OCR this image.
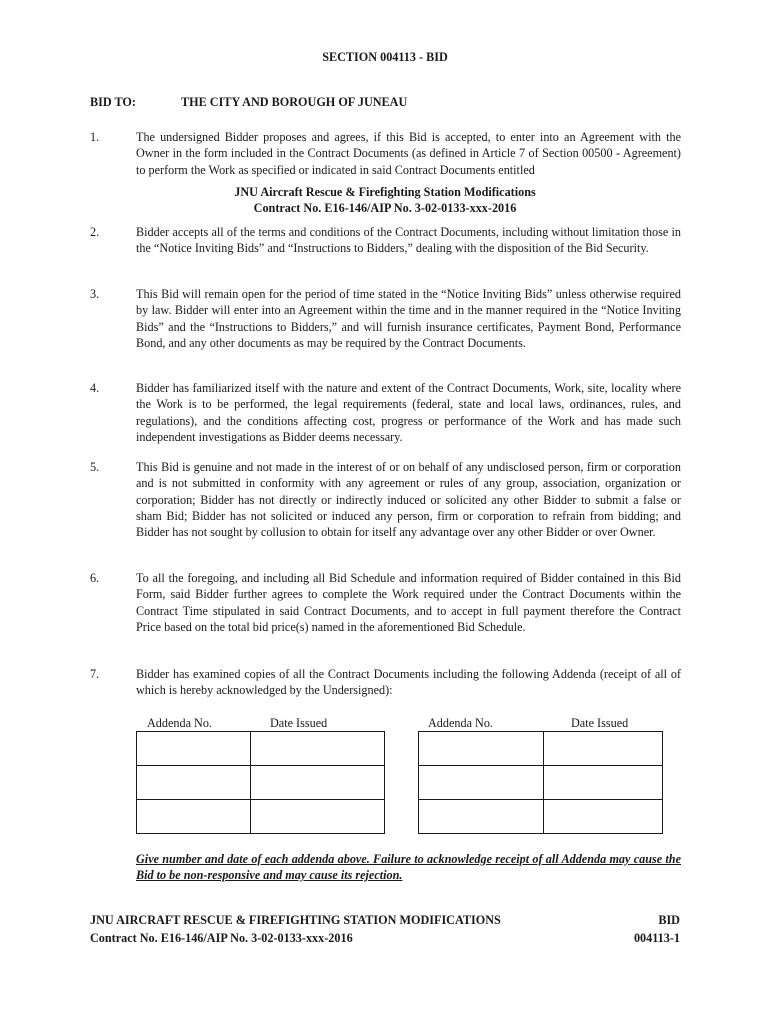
SECTION 004113 - BID
BID TO:	THE CITY AND BOROUGH OF JUNEAU
1.	The undersigned Bidder proposes and agrees, if this Bid is accepted, to enter into an Agreement with the Owner in the form included in the Contract Documents (as defined in Article 7 of Section 00500 - Agreement) to perform the Work as specified or indicated in said Contract Documents entitled
JNU Aircraft Rescue & Firefighting Station Modifications
Contract No. E16-146/AIP No. 3-02-0133-xxx-2016
2.	Bidder accepts all of the terms and conditions of the Contract Documents, including without limitation those in the “Notice Inviting Bids” and “Instructions to Bidders,” dealing with the disposition of the Bid Security.
3.	This Bid will remain open for the period of time stated in the “Notice Inviting Bids” unless otherwise required by law. Bidder will enter into an Agreement within the time and in the manner required in the “Notice Inviting Bids” and the “Instructions to Bidders,” and will furnish insurance certificates, Payment Bond, Performance Bond, and any other documents as may be required by the Contract Documents.
4.	Bidder has familiarized itself with the nature and extent of the Contract Documents, Work, site, locality where the Work is to be performed, the legal requirements (federal, state and local laws, ordinances, rules, and regulations), and the conditions affecting cost, progress or performance of the Work and has made such independent investigations as Bidder deems necessary.
5.	This Bid is genuine and not made in the interest of or on behalf of any undisclosed person, firm or corporation and is not submitted in conformity with any agreement or rules of any group, association, organization or corporation; Bidder has not directly or indirectly induced or solicited any other Bidder to submit a false or sham Bid; Bidder has not solicited or induced any person, firm or corporation to refrain from bidding; and Bidder has not sought by collusion to obtain for itself any advantage over any other Bidder or over Owner.
6.	To all the foregoing, and including all Bid Schedule and information required of Bidder contained in this Bid Form, said Bidder further agrees to complete the Work required under the Contract Documents within the Contract Time stipulated in said Contract Documents, and to accept in full payment therefore the Contract Price based on the total bid price(s) named in the aforementioned Bid Schedule.
7.	Bidder has examined copies of all the Contract Documents including the following Addenda (receipt of all of which is hereby acknowledged by the Undersigned):
Addenda No.	Date Issued	Addenda No.	Date Issued

Give number and date of each addenda above. Failure to acknowledge receipt of all Addenda may cause the Bid to be non-responsive and may cause its rejection.
JNU AIRCRAFT RESCUE & FIREFIGHTING STATION MODIFICATIONS
Contract No. E16-146/AIP No. 3-02-0133-xxx-2016
BID
004113-1
